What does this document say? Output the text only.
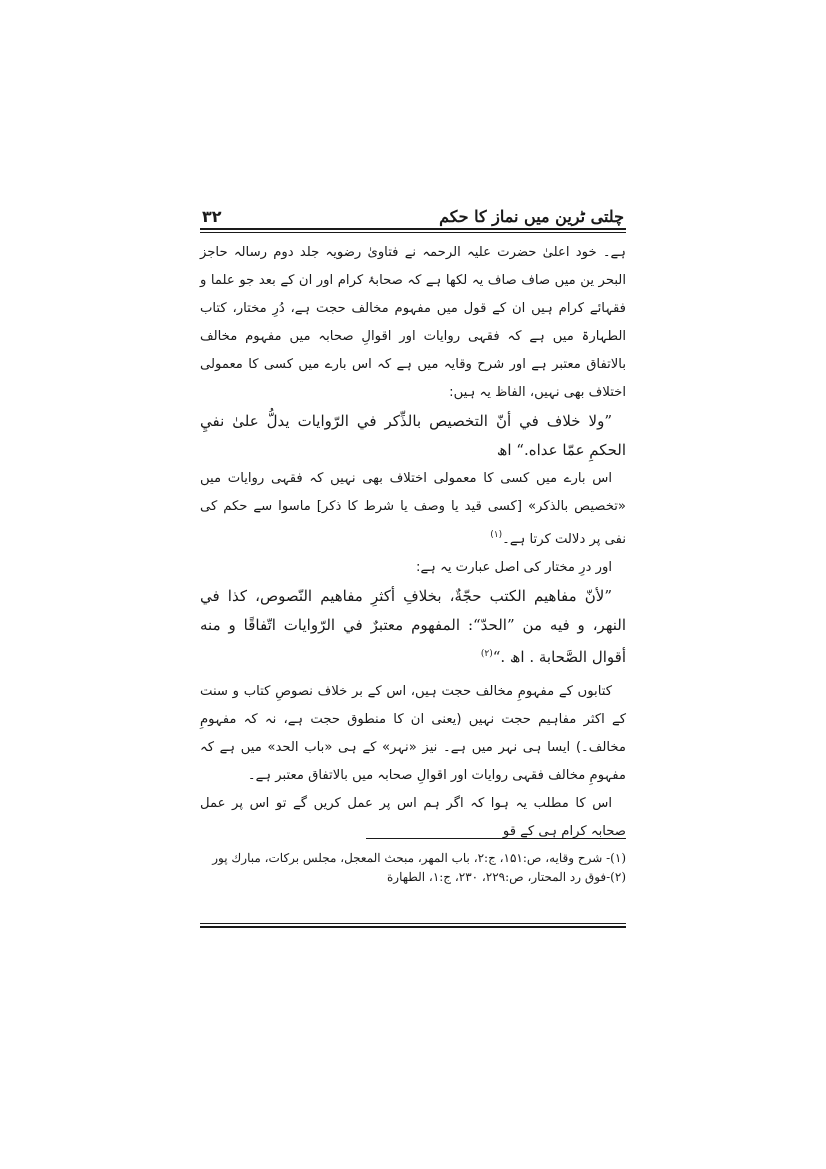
چلتی ٹرین میں نماز کا حکم
۳۲

ہے۔ خود اعلیٰ حضرت علیہ الرحمہ نے فتاویٰ رضویہ جلد دوم رسالہ حاجز البحر ین میں صاف صاف یہ لکھا ہے کہ صحابۂ کرام اور ان کے بعد جو علما و فقہائے کرام ہیں ان کے قول میں مفہوم مخالف حجت ہے، دُرِ مختار، کتاب الطہارۃ میں ہے کہ فقہی روایات اور اقوالِ صحابہ میں مفہوم مخالف بالاتفاق معتبر ہے اور شرح وقایہ میں ہے کہ اس بارے میں کسی کا معمولی اختلاف بھی نہیں، الفاظ یہ ہیں:

”ولا خلاف في أنّ التخصيص بالذِّكر في الرّوايات يدلُّ علىٰ نفيِ الحكمِ عمّا عداه.“ اھ

اس بارے میں کسی کا معمولی اختلاف بھی نہیں کہ فقہی روایات میں «تخصیص بالذکر» [کسی قید یا وصف یا شرط کا ذکر] ماسوا سے حکم کی نفی پر دلالت کرتا ہے۔$^{(۱)}$

اور درِ مختار کی اصل عبارت یہ ہے:

”لأنّ مفاهيم الكتب حجّةٌ، بخلافِ أكثرِ مفاهيم النّصوص، كذا في النهر، و فيه من ”الحدّ“: المفهوم معتبرٌ في الرّوايات اتّفاقًا و منه أقوال الصَّحابة . اھ .“$^{(۲)}$

کتابوں کے مفہومِ مخالف حجت ہیں، اس کے بر خلاف نصوصِ کتاب و سنت کے اکثر مفاہیم حجت نہیں (یعنی ان کا منطوق حجت ہے، نہ کہ مفہومِ مخالف۔) ایسا ہی نہر میں ہے۔ نیز «نہر» کے ہی «باب الحد» میں ہے کہ مفہومِ مخالف فقہی روایات اور اقوالِ صحابہ میں بالاتفاق معتبر ہے۔

اس کا مطلب یہ ہوا کہ اگر ہم اس پر عمل کریں گے تو اس پر عمل صحابہ کرام ہی کے قو

(۱)- شرح وقايه، ص:۱۵۱، ج:۲، باب المهر، مبحث المعجل، مجلس بركات، مبارك پور

(۲)-فوق رد المحتار، ص:۲۲۹، ۲۳۰، ج:۱، الطهارة
